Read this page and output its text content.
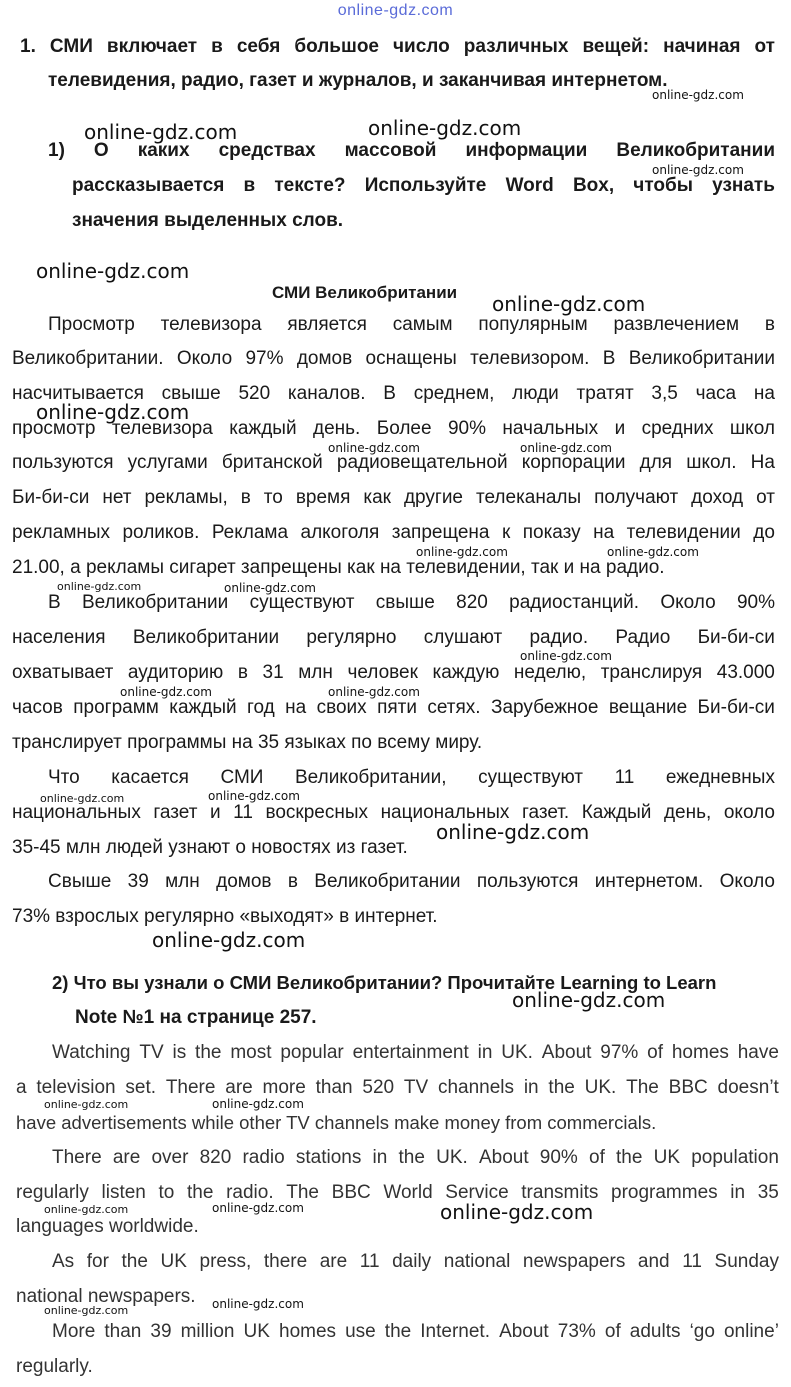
online-gdz.com
1. СМИ включает в себя большое число различных вещей: начиная от
телевидения, радио, газет и журналов, и заканчивая интернетом.
1) О каких средствах массовой информации Великобритании
рассказывается в тексте? Используйте Word Box, чтобы узнать
значения выделенных слов.
СМИ Великобритании
Просмотр телевизора является самым популярным развлечением в
Великобритании. Около 97% домов оснащены телевизором. В Великобритании
насчитывается свыше 520 каналов. В среднем, люди тратят 3,5 часа на
просмотр телевизора каждый день. Более 90% начальных и средних школ
пользуются услугами британской радиовещательной корпорации для школ. На
Би-би-си нет рекламы, в то время как другие телеканалы получают доход от
рекламных роликов. Реклама алкоголя запрещена к показу на телевидении до
21.00, а рекламы сигарет запрещены как на телевидении, так и на радио.
В Великобритании существуют свыше 820 радиостанций. Около 90%
населения Великобритании регулярно слушают радио. Радио Би-би-си
охватывает аудиторию в 31 млн человек каждую неделю, транслируя 43.000
часов программ каждый год на своих пяти сетях. Зарубежное вещание Би-би-си
транслирует программы на 35 языках по всему миру.
Что касается СМИ Великобритании, существуют 11 ежедневных
национальных газет и 11 воскресных национальных газет. Каждый день, около
35-45 млн людей узнают о новостях из газет.
Свыше 39 млн домов в Великобритании пользуются интернетом. Около
73% взрослых регулярно «выходят» в интернет.
2) Что вы узнали о СМИ Великобритании? Прочитайте Learning to Learn
Note №1 на странице 257.
Watching TV is the most popular entertainment in UK. About 97% of homes have
a television set. There are more than 520 TV channels in the UK. The BBC doesn’t
have advertisements while other TV channels make money from commercials.
There are over 820 radio stations in the UK. About 90% of the UK population
regularly listen to the radio. The BBC World Service transmits programmes in 35
languages worldwide.
As for the UK press, there are 11 daily national newspapers and 11 Sunday
national newspapers.
More than 39 million UK homes use the Internet. About 73% of adults ‘go online’
regularly.
online-gdz.com	online-gdz.com
online-gdz.com
online-gdz.com
online-gdz.com
online-gdz.com
online-gdz.com
online-gdz.com	online-gdz.com
online-gdz.com	online-gdz.com
online-gdz.com	online-gdz.com
online-gdz.com
online-gdz.com	online-gdz.com
online-gdz.com	online-gdz.com
online-gdz.com
online-gdz.com
online-gdz.com
online-gdz.com	online-gdz.com
online-gdz.com	online-gdz.com	online-gdz.com
online-gdz.com	online-gdz.com
